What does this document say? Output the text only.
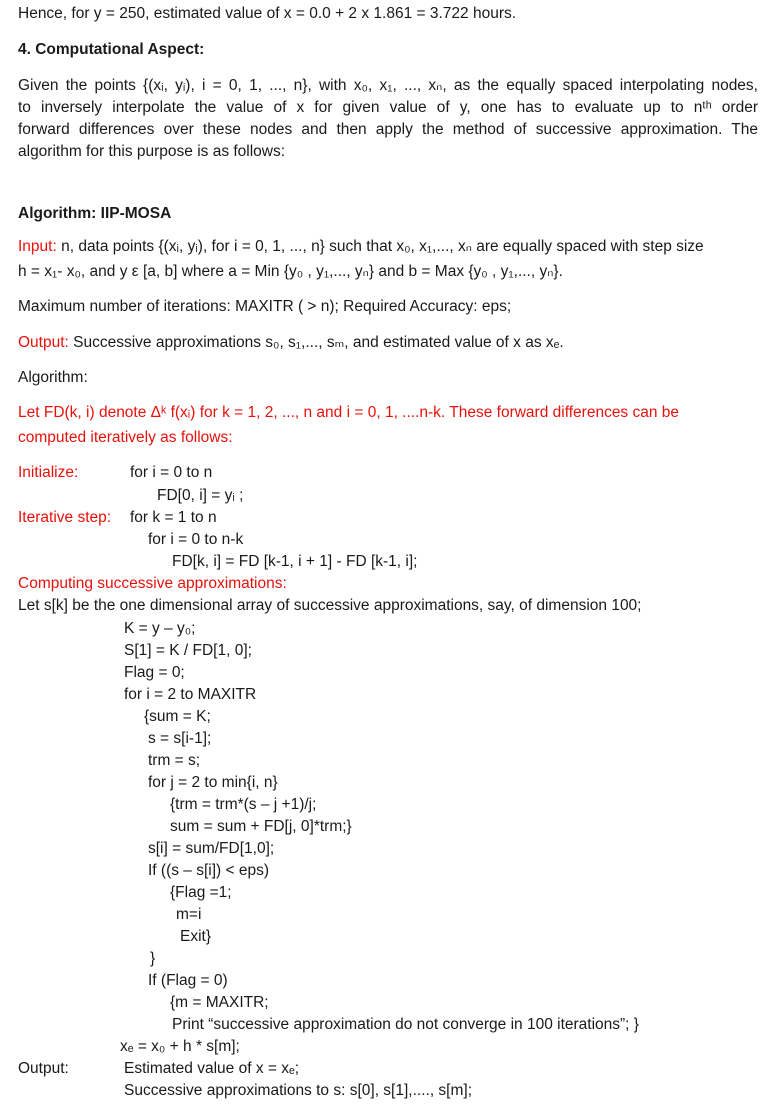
Hence, for y = 250, estimated value of x = 0.0 + 2 x 1.861 = 3.722 hours.
4. Computational Aspect:
Given the points {(xᵢ, yᵢ), i = 0, 1, ..., n}, with x₀, x₁, ..., xₙ, as the equally spaced interpolating nodes,
to inversely interpolate the value of x for given value of y, one has to evaluate up to nᵗʰ order
forward differences over these nodes and then apply the method of successive approximation. The
algorithm for this purpose is as follows:
Algorithm: IIP-MOSA
Input: n, data points {(xᵢ, yᵢ), for i = 0, 1, ..., n} such that x₀, x₁,..., xₙ are equally spaced with step size
h = x₁- x₀, and y ε [a, b] where a = Min {y₀ , y₁,..., yₙ} and b = Max {y₀ , y₁,..., yₙ}.
Maximum number of iterations: MAXITR ( > n); Required Accuracy: eps;
Output: Successive approximations s₀, s₁,..., sₘ, and estimated value of x as xₑ.
Algorithm:
Let FD(k, i) denote Δᵏ f(xᵢ) for k = 1, 2, ..., n and i = 0, 1, ....n-k. These forward differences can be
computed iteratively as follows:
Initialize:	for i = 0 to n
FD[0, i] = yᵢ ;
Iterative step: for k = 1 to n
for i = 0 to n-k
FD[k, i] = FD [k-1, i + 1] - FD [k-1, i];
Computing successive approximations:
Let s[k] be the one dimensional array of successive approximations, say, of dimension 100;
K = y – y₀;
S[1] = K / FD[1, 0];
Flag = 0;
for i = 2 to MAXITR
{sum = K;
s = s[i-1];
trm = s;
for j = 2 to min{i, n}
{trm = trm*(s – j +1)/j;
sum = sum + FD[j, 0]*trm;}
s[i] = sum/FD[1,0];
If ((s – s[i]) < eps)
{Flag =1;
m=i
Exit}
}
If (Flag = 0)
{m = MAXITR;
Print “successive approximation do not converge in 100 iterations”; }
xₑ = x₀ + h * s[m];
Output:	Estimated value of x = xₑ;
Successive approximations to s: s[0], s[1],...., s[m];
